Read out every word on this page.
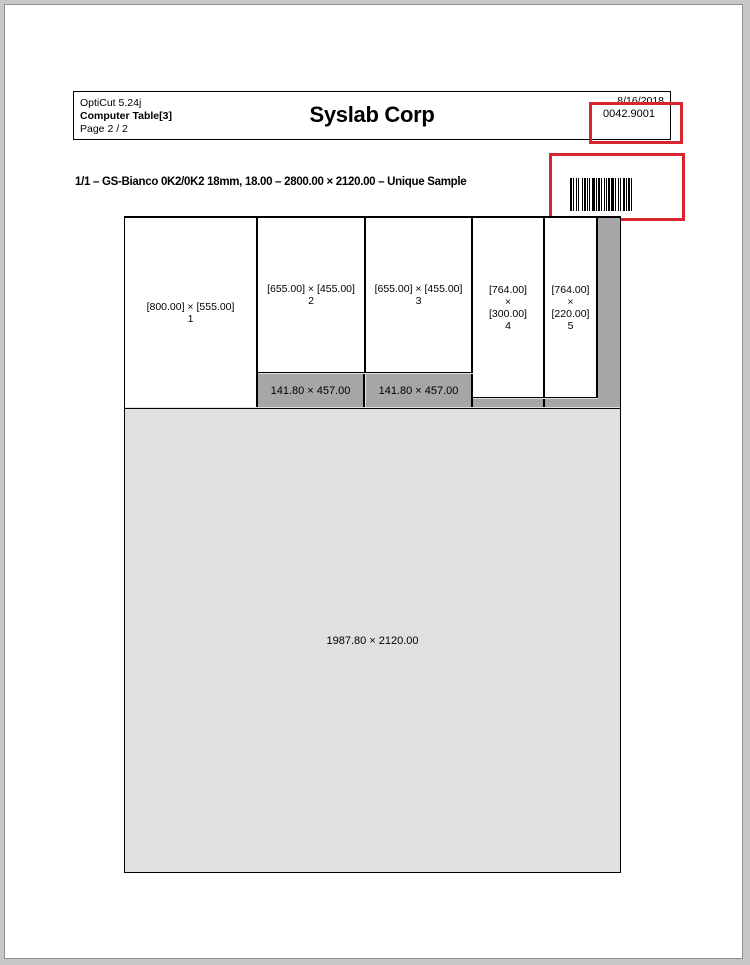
OptiCut 5.24j
Computer Table[3]
Page 2 / 2
Syslab Corp
8/16/2018
0042.9001
1/1 – GS-Bianco 0K2/0K2 18mm, 18.00 – 2800.00 × 2120.00 – Unique Sample
[800.00] × [555.00]
1
[655.00] × [455.00]
2
[655.00] × [455.00]
3
[764.00]
×
[300.00]
4
[764.00]
×
[220.00]
5
141.80 × 457.00	141.80 × 457.00
1987.80 × 2120.00
